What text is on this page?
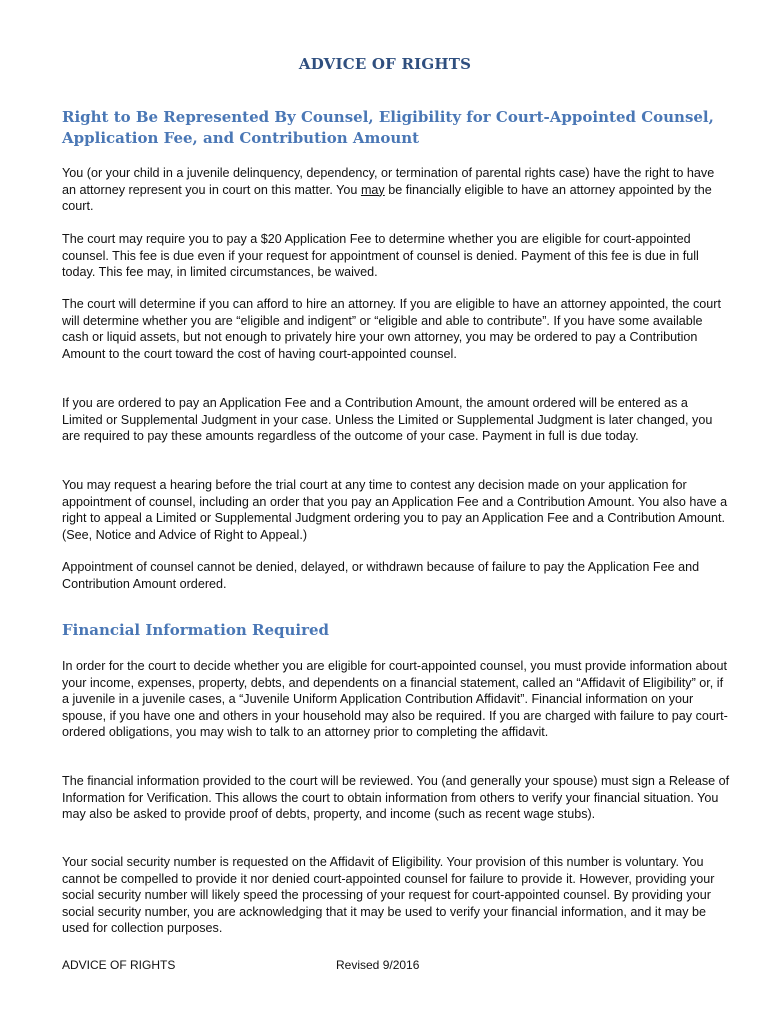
ADVICE OF RIGHTS
Right to Be Represented By Counsel, Eligibility for Court-Appointed Counsel,
Application Fee, and Contribution Amount

You (or your child in a juvenile delinquency, dependency, or termination of parental rights case) have the right to have an attorney represent you in court on this matter. You may be financially eligible to have an attorney appointed by the court.

The court may require you to pay a $20 Application Fee to determine whether you are eligible for court-appointed counsel. This fee is due even if your request for appointment of counsel is denied. Payment of this fee is due in full today. This fee may, in limited circumstances, be waived.

The court will determine if you can afford to hire an attorney. If you are eligible to have an attorney appointed, the court will determine whether you are “eligible and indigent” or “eligible and able to contribute”. If you have some available cash or liquid assets, but not enough to privately hire your own attorney, you may be ordered to pay a Contribution Amount to the court toward the cost of having court-appointed counsel.

If you are ordered to pay an Application Fee and a Contribution Amount, the amount ordered will be entered as a Limited or Supplemental Judgment in your case. Unless the Limited or Supplemental Judgment is later changed, you are required to pay these amounts regardless of the outcome of your case. Payment in full is due today.

You may request a hearing before the trial court at any time to contest any decision made on your application for appointment of counsel, including an order that you pay an Application Fee and a Contribution Amount. You also have a right to appeal a Limited or Supplemental Judgment ordering you to pay an Application Fee and a Contribution Amount. (See, Notice and Advice of Right to Appeal.)

Appointment of counsel cannot be denied, delayed, or withdrawn because of failure to pay the Application Fee and Contribution Amount ordered.

Financial Information Required

In order for the court to decide whether you are eligible for court-appointed counsel, you must provide information about your income, expenses, property, debts, and dependents on a financial statement, called an “Affidavit of Eligibility” or, if a juvenile in a juvenile cases, a “Juvenile Uniform Application Contribution Affidavit”. Financial information on your spouse, if you have one and others in your household may also be required. If you are charged with failure to pay court-ordered obligations, you may wish to talk to an attorney prior to completing the affidavit.

The financial information provided to the court will be reviewed. You (and generally your spouse) must sign a Release of Information for Verification. This allows the court to obtain information from others to verify your financial situation. You may also be asked to provide proof of debts, property, and income (such as recent wage stubs).

Your social security number is requested on the Affidavit of Eligibility. Your provision of this number is voluntary. You cannot be compelled to provide it nor denied court-appointed counsel for failure to provide it. However, providing your social security number will likely speed the processing of your request for court-appointed counsel. By providing your social security number, you are acknowledging that it may be used to verify your financial information, and it may be used for collection purposes.

ADVICE OF RIGHTS	Revised 9/2016
